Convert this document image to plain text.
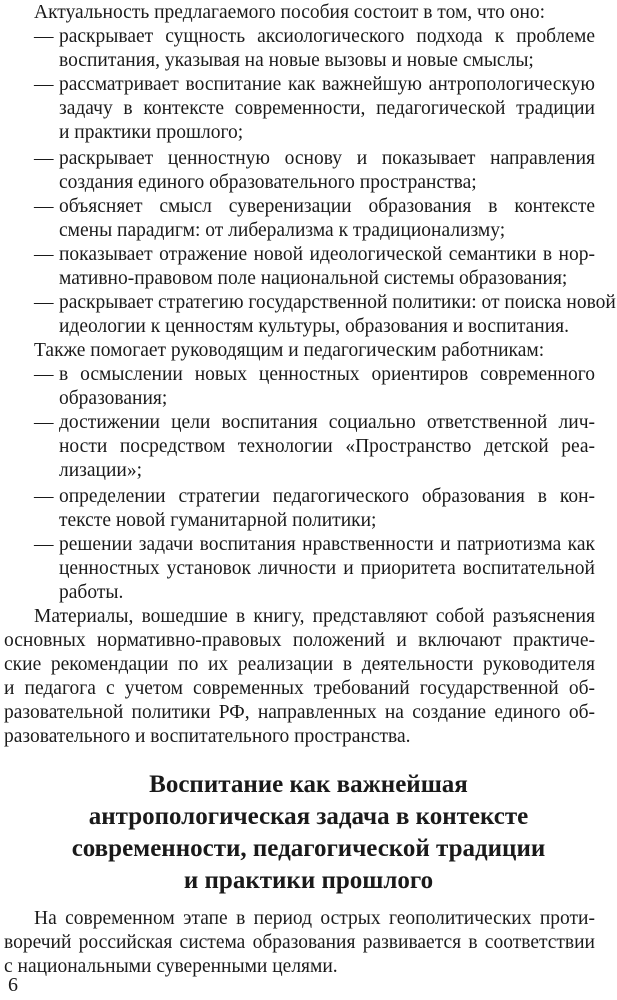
Актуальность предлагаемого пособия состоит в том, что оно:
— раскрывает сущность аксиологического подхода к проблеме
воспитания, указывая на новые вызовы и новые смыслы;
— рассматривает воспитание как важнейшую антропологическую
задачу в контексте современности, педагогической традиции
и практики прошлого;
— раскрывает ценностную основу и показывает направления
создания единого образовательного пространства;
— объясняет смысл суверенизации образования в контексте
смены парадигм: от либерализма к традиционализму;
— показывает отражение новой идеологической семантики в нор-
мативно-правовом поле национальной системы образования;
— раскрывает стратегию государственной политики: от поиска новой
идеологии к ценностям культуры, образования и воспитания.
Также помогает руководящим и педагогическим работникам:
— в осмыслении новых ценностных ориентиров современного
образования;
— достижении цели воспитания социально ответственной лич-
ности посредством технологии «Пространство детской реа-
лизации»;
— определении стратегии педагогического образования в кон-
тексте новой гуманитарной политики;
— решении задачи воспитания нравственности и патриотизма как
ценностных установок личности и приоритета воспитательной
работы.
Материалы, вошедшие в книгу, представляют собой разъяснения
основных нормативно-правовых положений и включают практиче-
ские рекомендации по их реализации в деятельности руководителя
и педагога с учетом современных требований государственной об-
разовательной политики РФ, направленных на создание единого об-
разовательного и воспитательного пространства.
Воспитание как важнейшая
антропологическая задача в контексте
современности, педагогической традиции
и практики прошлого
На современном этапе в период острых геополитических проти-
воречий российская система образования развивается в соответствии
с национальными суверенными целями.
6
